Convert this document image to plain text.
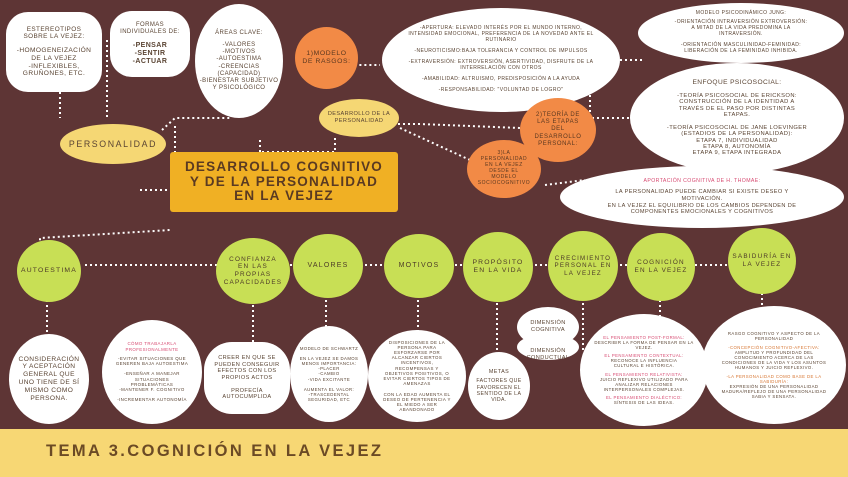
ESTEREOTIPOS
SOBRE LA VEJEZ:
-HOMOGENEIZACIÓN
DE LA VEJEZ
-INFLEXIBLES,
GRUÑONES, ETC.
FORMAS
INDIVIDUALES DE:
-PENSAR
-SENTIR
-ACTUAR
ÁREAS CLAVE:
-VALORES
-MOTIVOS
-AUTOESTIMA
-CREENCIAS
(CAPACIDAD)
-BIENESTAR SUBJETIVO
Y PSICOLÓGICO
PERSONALIDAD
DESARROLLO COGNITIVO
Y DE LA PERSONALIDAD
EN LA VEJEZ
1)MODELO
DE RASGOS:
-APERTURA: ELEVADO INTERÉS POR EL MUNDO INTERNO,
INTENSIDAD EMOCIONAL, PREFERENCIA DE LA NOVEDAD ANTE EL
RUTINARIO

-NEUROTICISMO:BAJA TOLERANCIA Y CONTROL DE IMPULSOS

-EXTRAVERSIÓN: EXTROVERSIÓN, ASERTIVIDAD, DISFRUTE DE LA
INTERRELACIÓN CON OTROS

-AMABILIDAD: ALTRUISMO, PREDISPOSICIÓN A LA AYUDA

-RESPONSABILIDAD: "VOLUNTAD DE LOGRO"
DESARROLLO DE LA
PERSONALIDAD
2)TEORÍA DE
LAS ETAPAS
DEL
DESARROLLO
PERSONAL:
3)LA
PERSONALIDAD
EN LA VEJEZ
DESDE EL
MODELO
SOCIOCOGNITIVO
MODELO PSICODINÁMICO JUNG:
-ORIENTACIÓN INTRAVERSIÓN EXTROVERSIÓN:
A MITAD DE LA VIDA PREDOMINA LA
INTRAVERSIÓN.

-ORIENTACIÓN MASCULINIDAD-FEMINIDAD:
LIBERACIÓN DE LA FEMINIDAD INHIBIDA.
ENFOQUE PSICOSOCIAL:
-TEORÍA PSICOSOCIAL DE ERICKSON:
CONSTRUCCIÓN DE LA IDENTIDAD A
TRAVÉS DE EL PASO POR DISTINTAS
ETAPAS.

-TEORÍA PSICOSOCIAL DE JANE LOEVINGER
(ESTADIOS DE LA PERSONALIDAD):
ETAPA 7, INDIVIDUALIDAD
ETAPA 8, AUTONOMÍA
ETAPA 9, ETAPA INTEGRADA
APORTACIÓN COGNITIVA DE H. THOMAE:
LA PERSONALIDAD PUEDE CAMBIAR SI EXISTE DESEO Y
MOTIVACIÓN.
EN LA VEJEZ EL EQUILIBRIO DE LOS CAMBIOS DEPENDEN DE
COMPONENTES EMOCIONALES Y COGNITIVOS
AUTOESTIMA
CONFIANZA
EN LAS
PROPIAS
CAPACIDADES
VALORES	MOTIVOS	PROPÓSITO
EN LA VIDA
CRECIMIENTO
PERSONAL EN
LA VEJEZ
COGNICIÓN
EN LA VEJEZ
SABIDURÍA EN
LA VEJEZ
CONSIDERACIÓN
Y ACEPTACIÓN
GENERAL QUE
UNO TIENE DE SÍ
MISMO COMO
PERSONA.
CÓMO TRABAJARLA
PROFESIONALMENTE
-EVITAR SITUACIONES QUE
GENEREN BAJA AUTOESTIMA

-ENSEÑAR A MANEJAR
SITUACIONES
PROBLEMÁTICAS
-MANTENER F. COGNITIVO

-INCREMENTAR AUTONOMÍA
CREER EN QUE SE
PUEDEN CONSEGUIR
EFECTOS CON LOS
PROPIOS ACTOS

PROFECÍA
AUTOCUMPLIDA
MODELO DE SCHWARTZ

EN LA VEJEZ SE DAMOS
MENOS IMPORTANCIA:
-PLACER
-CAMBIO
-VIDA EXCITANTE

AUMENTA EL VALOR:
-TRASCEDENTAL
SEGURIDAD, ETC
DISPOSICIONES DE LA
PERSONA PARA
ESFORZARSE POR
ALCANZAR CIERTOS
INCENTIVOS,
RECOMPENSAS Y
OBJETIVOS POSITIVOS, O
EVITAR CIERTOS TIPOS DE
AMENAZAS

CON LA EDAD AUMENTA EL
DESEO DE PERTENENCIA Y
EL MIEDO A SER
ABANDONADO
METAS
FACTORES QUE
FAVORECEN EL
SENTIDO DE LA
VIDA.
DIMENSIÓN
COGNITIVA
DIMENSIÓN
CONDUCTUAL
EL PENSAMIENTO POST-FORMAL:
DESCRIBIR LA FORMA DE PENSAR EN LA
VEJEZ.
EL PENSAMIENTO CONTEXTUAL:
RECONOCE LA INFLUENCIA
CULTURAL E HISTÓRICA.
EL PENSAMIENTO RELATIVISTA:
JUICIO REFLEXIVO UTILIZADO PARA
ANALIZAR RELACIONES
INTERPERSONALES COMPLEJAS.
EL PENSAMIENTO DIALÉCTICO:
SÍNTESIS DE LAS IDEAS.
RASGO COGNITIVO Y ASPECTO DE LA
PERSONALIDAD
-CONCEPCIÓN COGNITIVO-AFECTIVA:
AMPLITUD Y PROFUNDIDAD DEL
CONOCIMIENTO ACERCA DE LAS
CONDICIONES DE LA VIDA Y LOS ASUNTOS
HUMANOS Y JUICIO REFLEXIVO.
-LA PERSONALIDAD COMO BASE DE LA
SABIDURÍA:
EXPRESIÓN DE UNA PERSONALIDAD
MADURA/REFLEJO DE UNA PERSONALIDAD
SABIA Y SENSATA.
TEMA 3.COGNICIÓN EN LA VEJEZ
